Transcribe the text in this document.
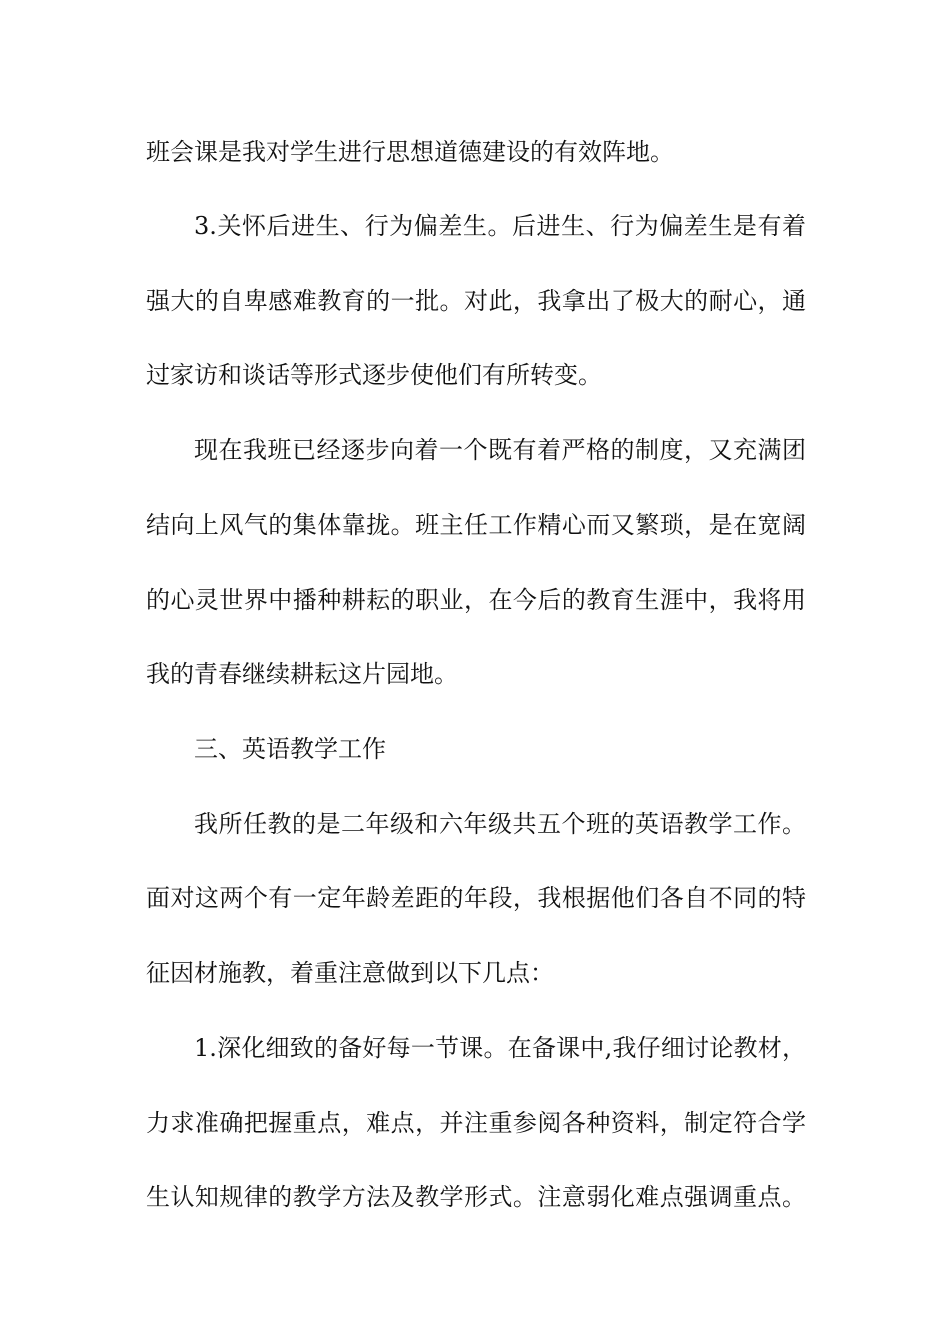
班会课是我对学生进行思想道德建设的有效阵地。
3.关怀后进生、行为偏差生。后进生、行为偏差生是有着
强大的自卑感难教育的一批。对此，我拿出了极大的耐心，通
过家访和谈话等形式逐步使他们有所转变。
现在我班已经逐步向着一个既有着严格的制度，又充满团
结向上风气的集体靠拢。班主任工作精心而又繁琐，是在宽阔
的心灵世界中播种耕耘的职业，在今后的教育生涯中，我将用
我的青春继续耕耘这片园地。
三、英语教学工作
我所任教的是二年级和六年级共五个班的英语教学工作。
面对这两个有一定年龄差距的年段，我根据他们各自不同的特
征因材施教，着重注意做到以下几点：
1.深化细致的备好每一节课。在备课中,我仔细讨论教材，
力求准确把握重点，难点，并注重参阅各种资料，制定符合学
生认知规律的教学方法及教学形式。注意弱化难点强调重点。
